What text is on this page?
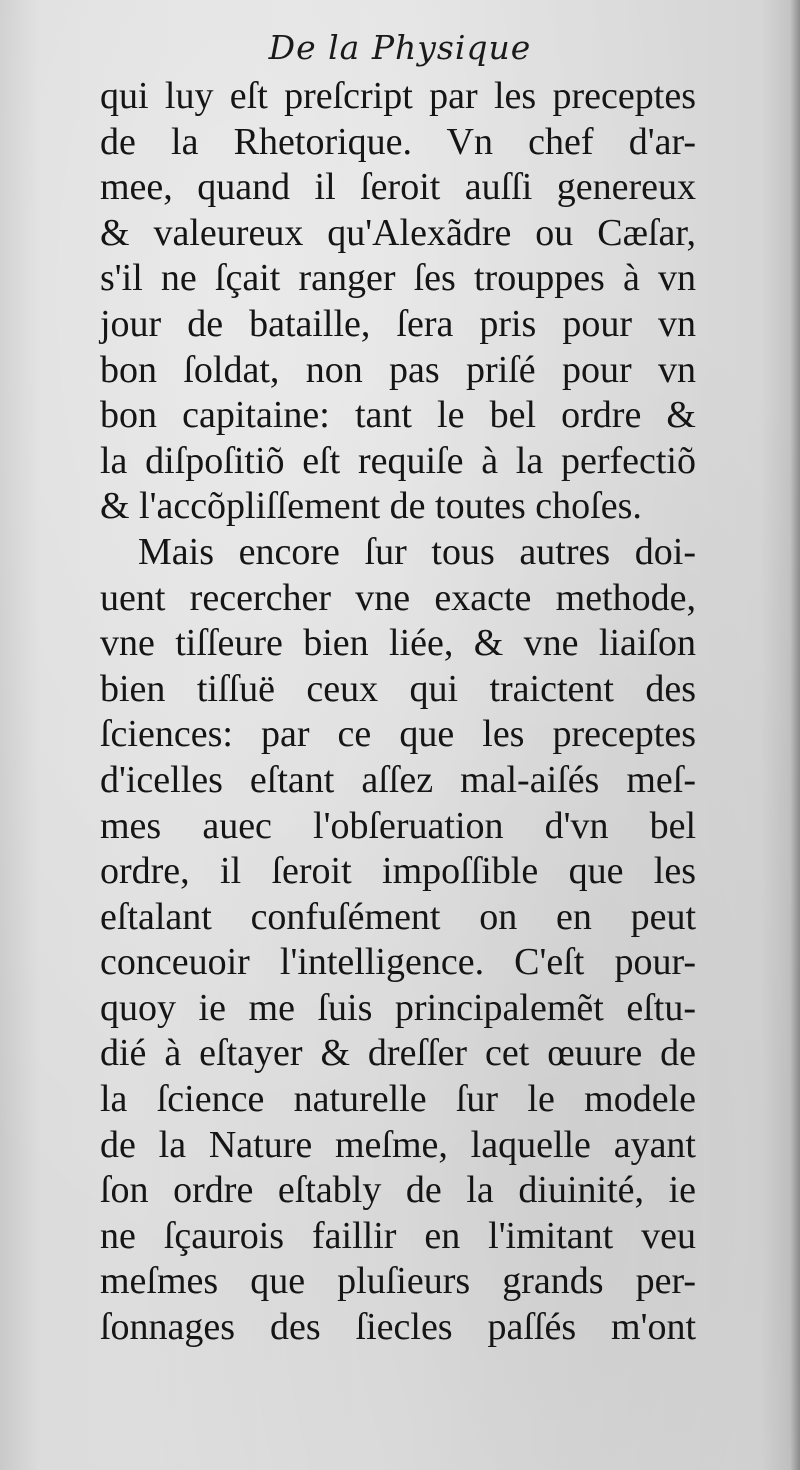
De la Physique
qui luy eſt preſcript par les preceptes
de la Rhetorique. Vn chef d'ar-
mee, quand il ſeroit auſſi genereux
& valeureux qu'Alexãdre ou Cæſar,
s'il ne ſçait ranger ſes trouppes à vn
jour de bataille, ſera pris pour vn
bon ſoldat, non pas priſé pour vn
bon capitaine: tant le bel ordre &
la diſpoſitiõ eſt requiſe à la perfectiõ
& l'accõpliſſement de toutes choſes.
Mais encore ſur tous autres doi-
uent recercher vne exacte methode,
vne tiſſeure bien liée, & vne liaiſon
bien tiſſuë ceux qui traictent des
ſciences: par ce que les preceptes
d'icelles eſtant aſſez mal-aiſés meſ-
mes auec l'obſeruation d'vn bel
ordre, il ſeroit impoſſible que les
eſtalant confuſément on en peut
conceuoir l'intelligence. C'eſt pour-
quoy ie me ſuis principalemẽt eſtu-
dié à eſtayer & dreſſer cet œuure de
la ſcience naturelle ſur le modele
de la Nature meſme, laquelle ayant
ſon ordre eſtably de la diuinité, ie
ne ſçaurois faillir en l'imitant veu
meſmes que pluſieurs grands per-
ſonnages des ſiecles paſſés m'ont
